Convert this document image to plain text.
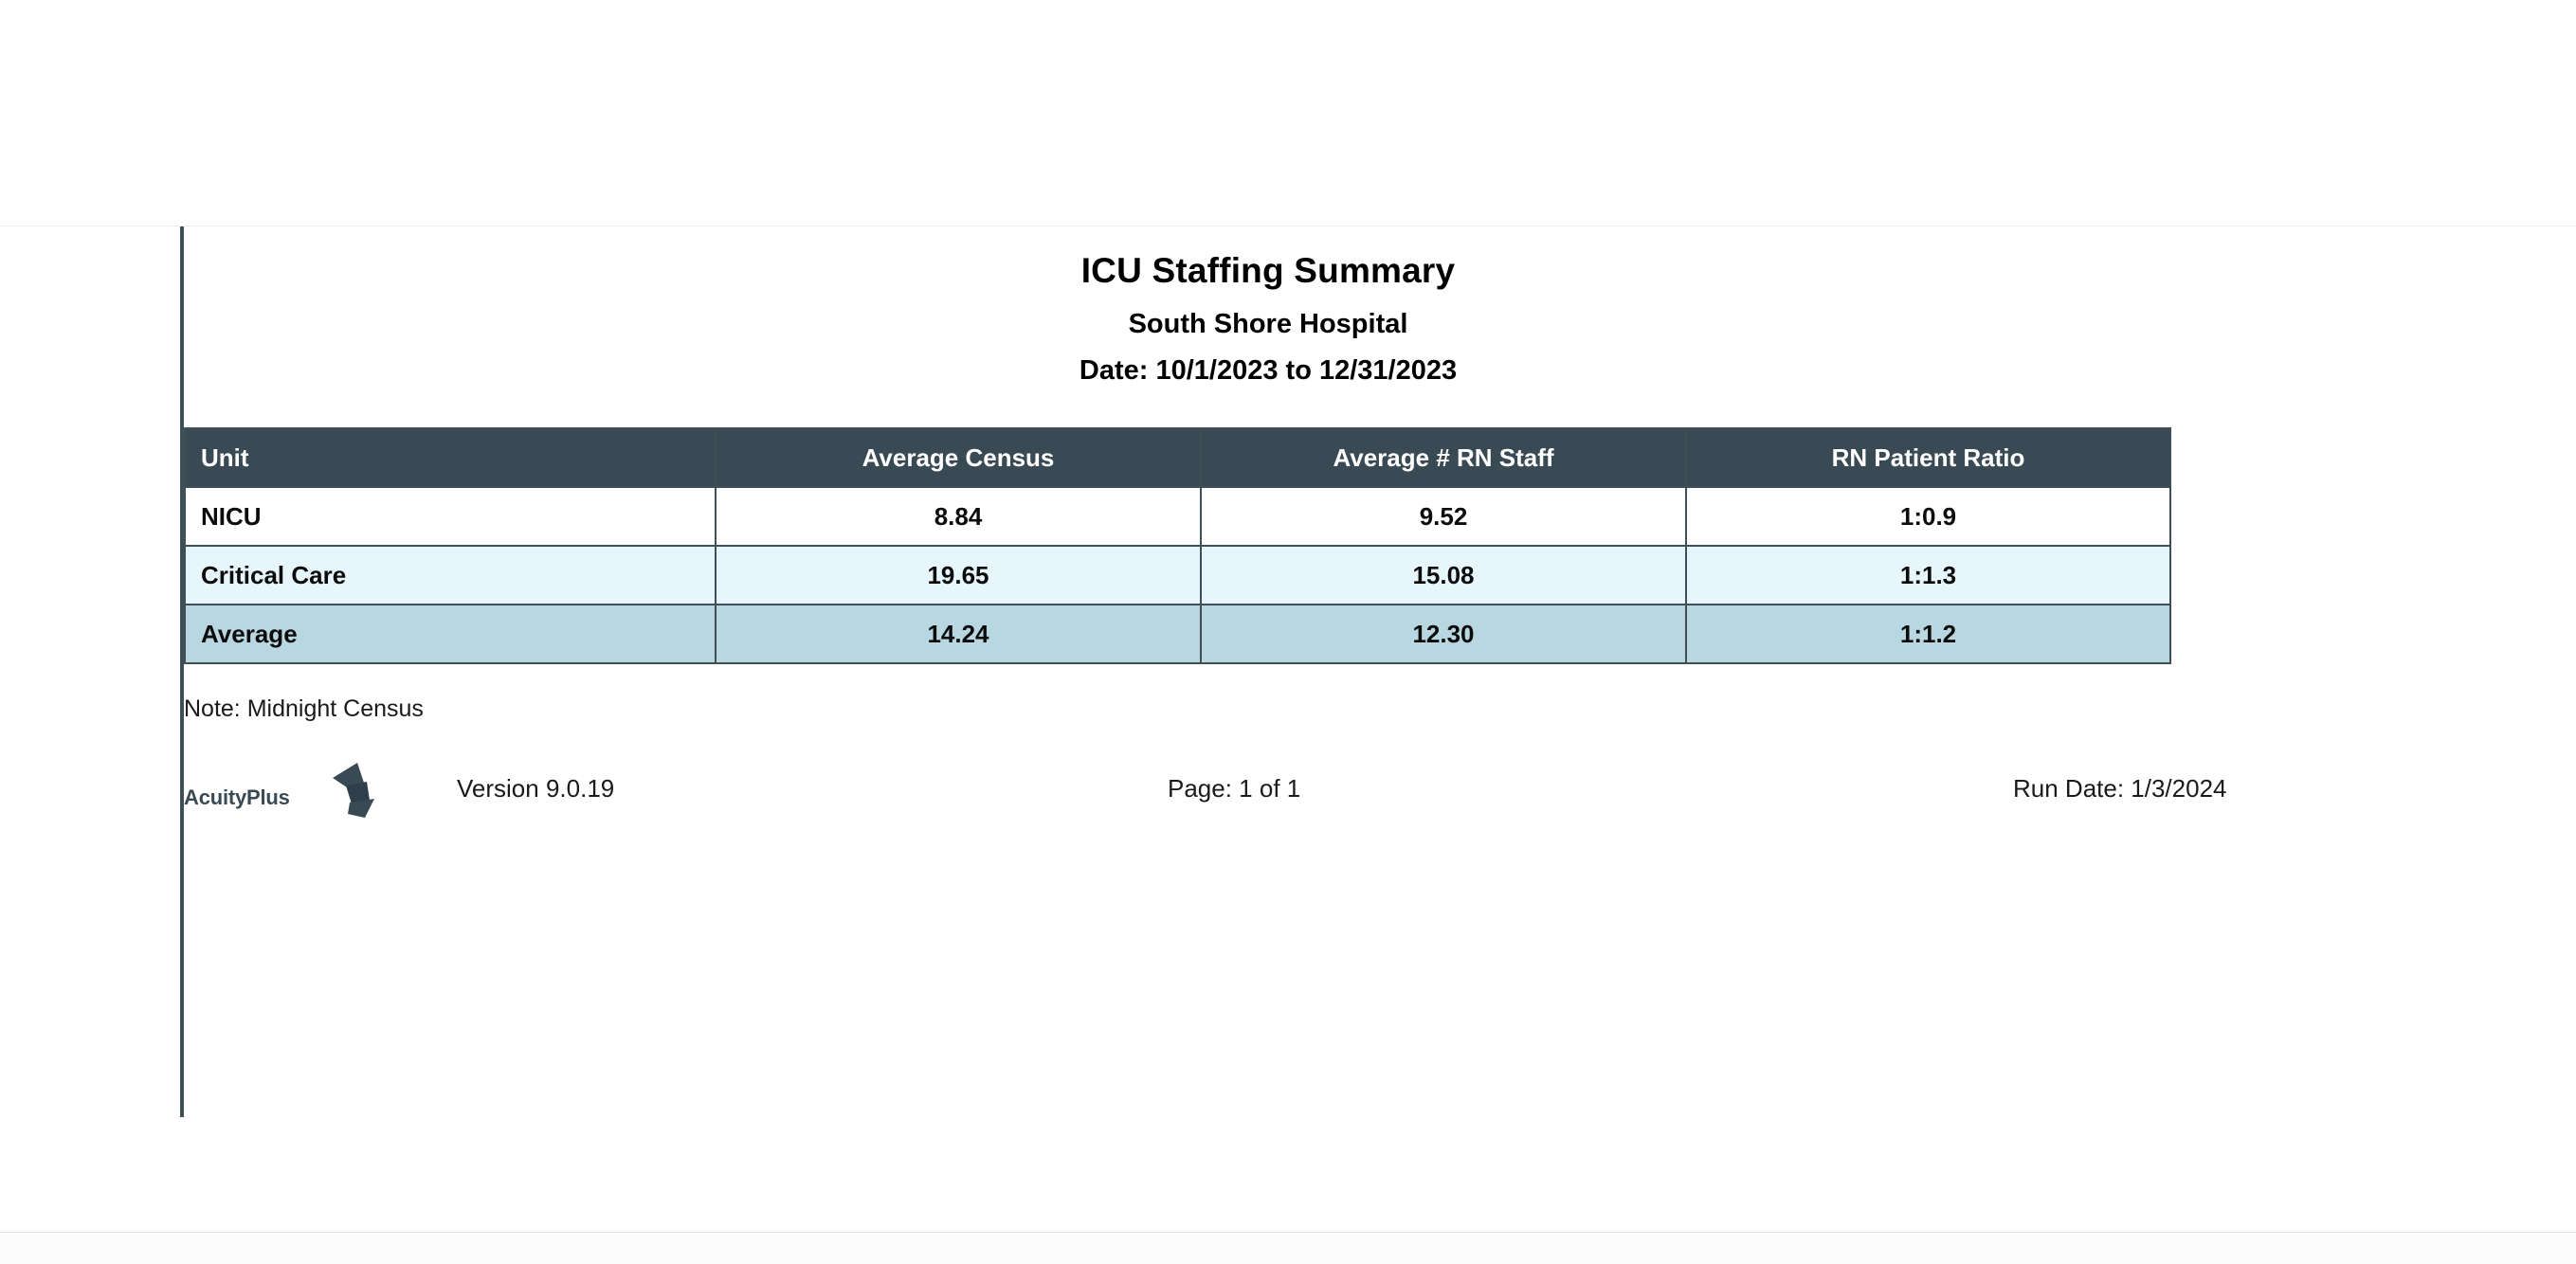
ICU Staffing Summary
South Shore Hospital
Date: 10/1/2023 to 12/31/2023
Unit	Average Census	Average # RN Staff	RN Patient Ratio
NICU	8.84	9.52	1:0.9
Critical Care	19.65	15.08	1:1.3
Average	14.24	12.30	1:1.2
Note: Midnight Census
AcuityPlus	Version 9.0.19	Page: 1 of 1	Run Date: 1/3/2024
